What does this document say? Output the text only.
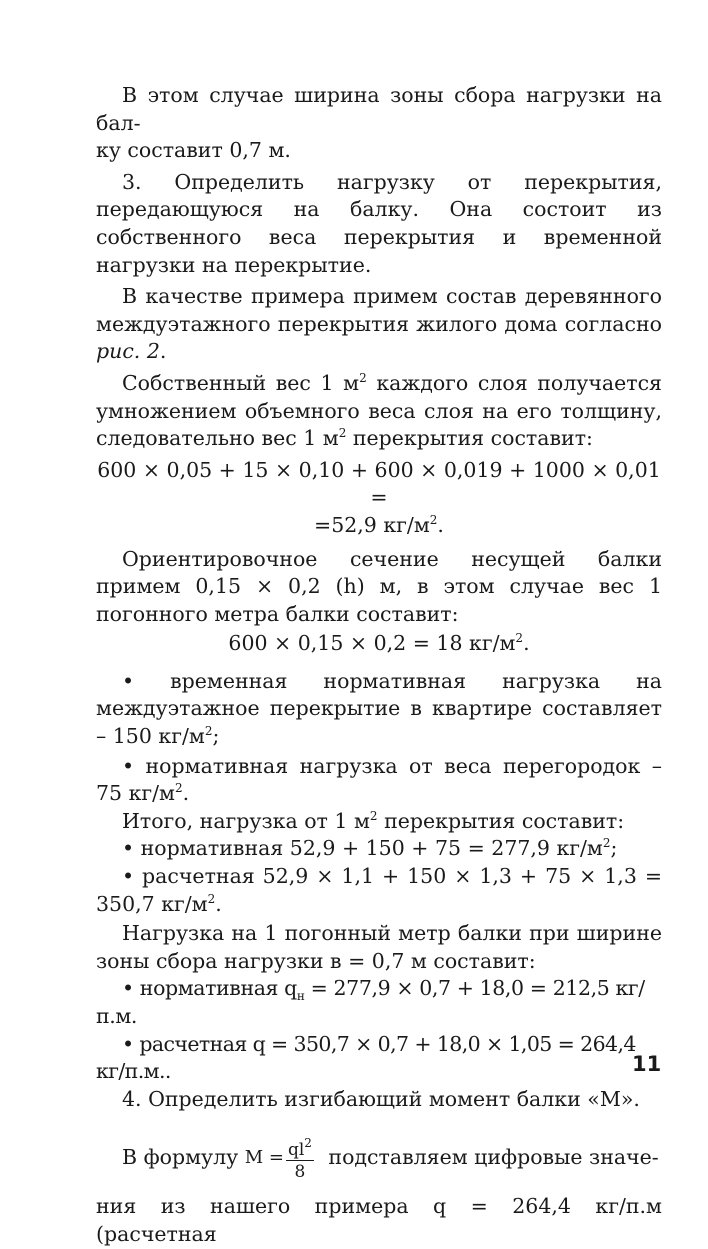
В этом случае ширина зоны сбора нагрузки на бал-
ку составит 0,7 м.

3. Определить нагрузку от перекрытия, передающуюся на балку. Она состоит из собственного веса перекрытия и временной нагрузки на перекрытие.

В качестве примера примем состав деревянного междуэтажного перекрытия жилого дома согласно рис. 2.

Собственный вес 1 $м^2$ каждого слоя получается умножением объемного веса слоя на его толщину, следовательно вес 1 $м^2$ перекрытия составит:

600 × 0,05 + 15 × 0,10 + 600 × 0,019 + 1000 × 0,01 =

=52,9 $кг/м^2$.

Ориентировочное сечение несущей балки примем 0,15 × 0,2 (h) м, в этом случае вес 1 погонного метра балки составит:

600 × 0,15 × 0,2 = 18 $кг/м^2$.

• временная нормативная нагрузка на междуэтажное перекрытие в квартире составляет – 150 $кг/м^2$;

• нормативная нагрузка от веса перегородок – 75 $кг/м^2$.

Итого, нагрузка от 1 $м^2$ перекрытия составит:

• нормативная 52,9 + 150 + 75 = 277,9 $кг/м^2$;

• расчетная 52,9 × 1,1 + 150 × 1,3 + 75 × 1,3 = 350,7 $кг/м^2$.

Нагрузка на 1 погонный метр балки при ширине зоны сбора нагрузки в = 0,7 м составит:

• нормативная $q_н = 277,9 \times 0,7 + 18,0 = 212,5$ кг/п.м.

• расчетная q = 350,7 × 0,7 + 18,0 × 1,05 = 264,4 кг/п.м..

4. Определить изгибающий момент балки «М».

В формулу $M = \frac{ql^2}{8}$ подставляем цифровые значе-

ния из нашего примера q = 264,4 кг/п.м (расчетная

11
